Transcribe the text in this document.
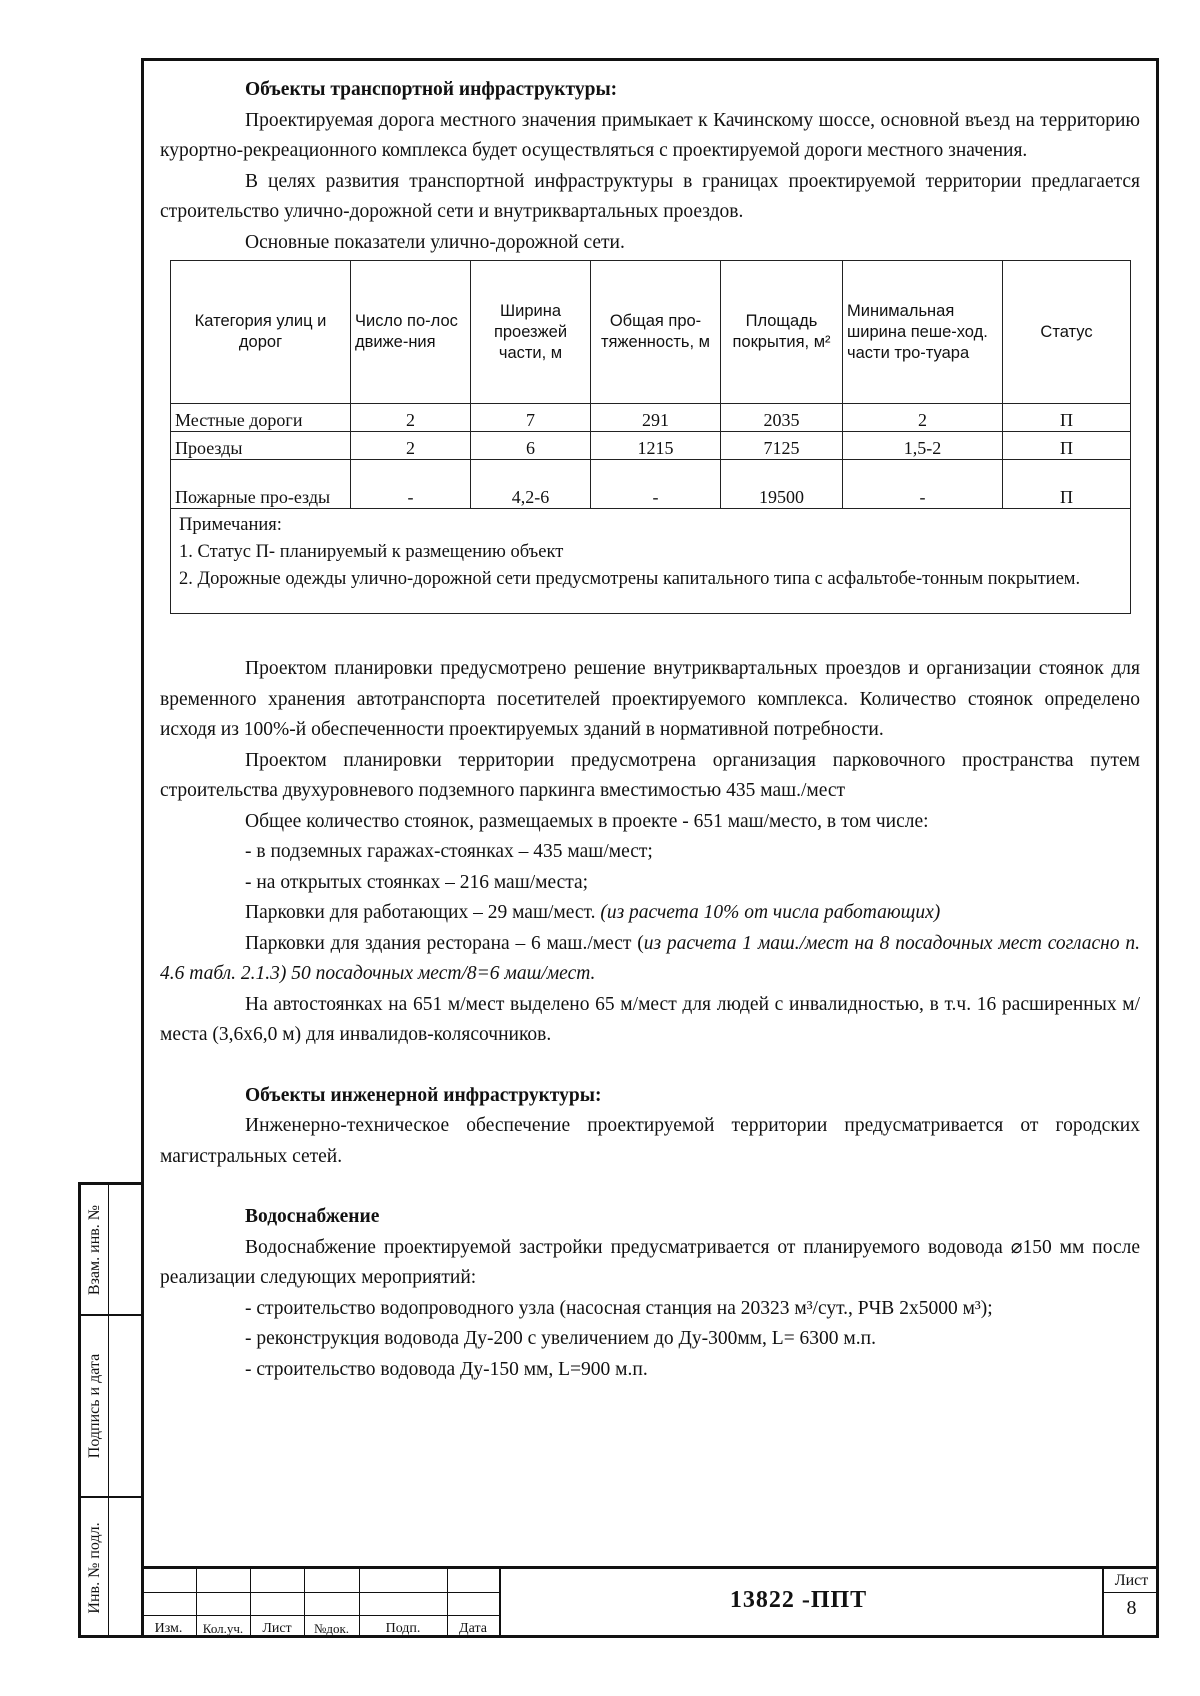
Объекты транспортной инфраструктуры:

Проектируемая дорога местного значения примыкает к Качинскому шоссе, основной въезд на территорию курортно-рекреационного комплекса будет осуществляться с проектируемой дороги местного значения.

В целях развития транспортной инфраструктуры в границах проектируемой территории предлагается строительство улично-дорожной сети и внутриквартальных проездов.

Основные показатели улично-дорожной сети.

Категория улиц и дорог	Число по-лос движе-ния	Ширина проезжей части, м	Общая про-тяженность, м	Площадь покрытия, м²	Минимальная ширина пеше-ход. части тро-туара	Статус
Местные дороги	2	7	291	2035	2	П
Проезды	2	6	1215	7125	1,5-2	П
Пожарные про-езды	-	4,2-6	-	19500	-	П

Примечания:
1. Статус П- планируемый к размещению объект
2. Дорожные одежды улично-дорожной сети предусмотрены капитального типа с асфальтобе-тонным покрытием.						

Проектом планировки предусмотрено решение внутриквартальных проездов и организации стоянок для временного хранения автотранспорта посетителей проектируемого комплекса. Количество стоянок определено исходя из 100%-й обеспеченности проектируемых зданий в нормативной потребности.

Проектом планировки территории предусмотрена организация парковочного пространства путем строительства двухуровневого подземного паркинга вместимостью 435 маш./мест

Общее количество стоянок, размещаемых в проекте - 651 маш/место, в том числе:

- в подземных гаражах-стоянках – 435 маш/мест;

- на открытых стоянках – 216 маш/места;

Парковки для работающих – 29 маш/мест. (из расчета 10% от числа работающих)

Парковки для здания ресторана – 6 маш./мест (из расчета 1 маш./мест на 8 посадочных мест согласно п. 4.6 табл. 2.1.3) 50 посадочных мест/8=6 маш/мест.

На автостоянках на 651 м/мест выделено 65 м/мест для людей с инвалидностью, в т.ч. 16 расширенных м/места (3,6х6,0 м) для инвалидов-колясочников.

Объекты инженерной инфраструктуры:

Инженерно-техническое обеспечение проектируемой территории предусматривается от городских магистральных сетей.

Водоснабжение

Водоснабжение проектируемой застройки предусматривается от планируемого водовода ⌀150 мм после реализации следующих мероприятий:

- строительство водопроводного узла (насосная станция на 20323 м³/сут., РЧВ 2х5000 м³);

- реконструкция водовода Ду-200 с увеличением до Ду-300мм, L= 6300 м.п.

- строительство водовода Ду-150 мм, L=900 м.п.

Взам. инв. №
Подпись и дата
Инв. № подл.
Изм.	Кол.уч.	Лист	№док.	Подп.	Дата
13822 -ППТ
Лист
8
